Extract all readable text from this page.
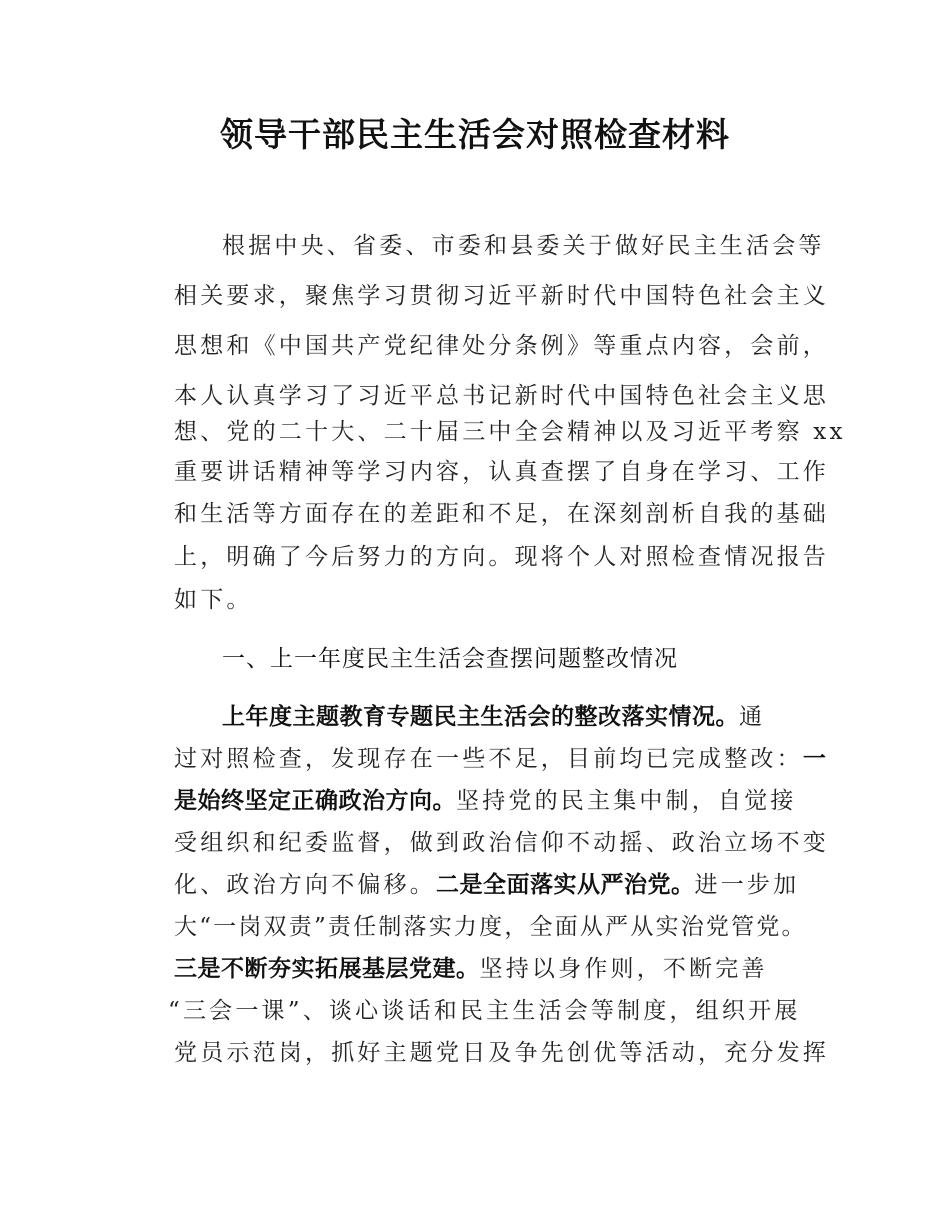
领导干部民主生活会对照检查材料
根据中央、省委、市委和县委关于做好民主生活会等
相关要求，聚焦学习贯彻习近平新时代中国特色社会主义
思想和《中国共产党纪律处分条例》等重点内容，会前，
本人认真学习了习近平总书记新时代中国特色社会主义思
想、党的二十大、二十届三中全会精神以及习近平考察 xx
重要讲话精神等学习内容，认真查摆了自身在学习、工作
和生活等方面存在的差距和不足，在深刻剖析自我的基础
上，明确了今后努力的方向。现将个人对照检查情况报告
如下。
一、上一年度民主生活会查摆问题整改情况
上年度主题教育专题民主生活会的整改落实情况。通
过对照检查，发现存在一些不足，目前均已完成整改：一
是始终坚定正确政治方向。坚持党的民主集中制，自觉接
受组织和纪委监督，做到政治信仰不动摇、政治立场不变
化、政治方向不偏移。二是全面落实从严治党。进一步加
大“一岗双责”责任制落实力度，全面从严从实治党管党。
三是不断夯实拓展基层党建。坚持以身作则，不断完善
“三会一课”、谈心谈话和民主生活会等制度，组织开展
党员示范岗，抓好主题党日及争先创优等活动，充分发挥
